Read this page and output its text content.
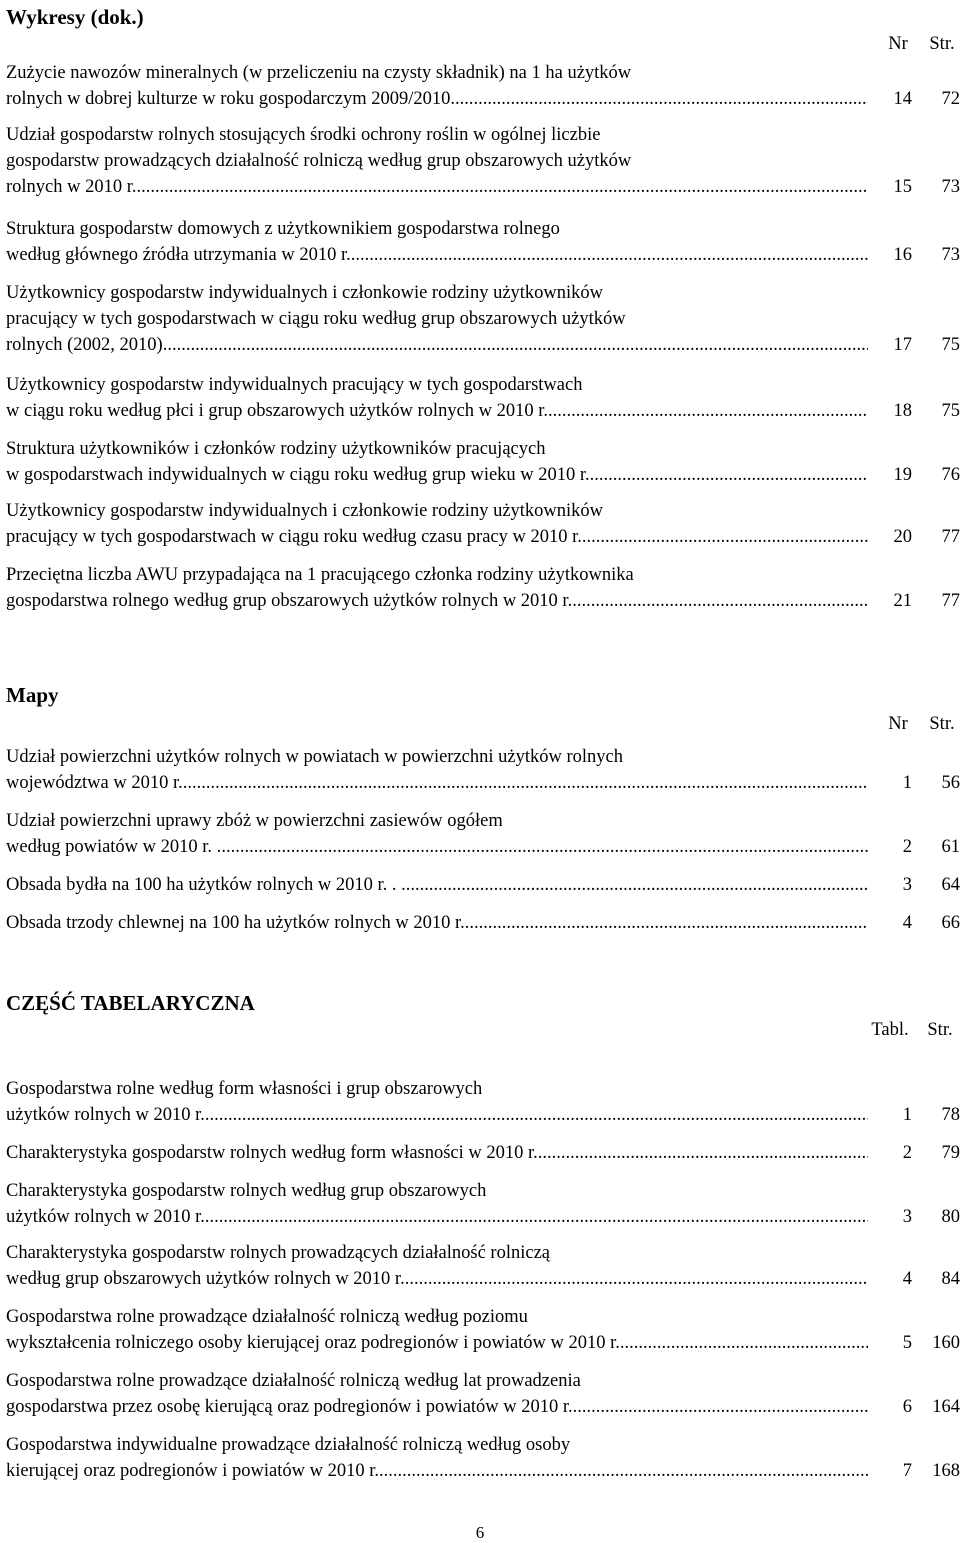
Wykresy (dok.)
Nr Str.
Zużycie nawozów mineralnych (w przeliczeniu na czysty składnik) na 1 ha użytków
rolnych w dobrej kulturze w roku gospodarczym 2009/2010 .....	14	72
Udział gospodarstw rolnych stosujących środki ochrony roślin w ogólnej liczbie
gospodarstw prowadzących działalność rolniczą według grup obszarowych użytków
rolnych w 2010 r. .....	15	73
Struktura gospodarstw domowych z użytkownikiem gospodarstwa rolnego
według głównego źródła utrzymania w 2010 r. .....	16	73
Użytkownicy gospodarstw indywidualnych i członkowie rodziny użytkowników
pracujący w tych gospodarstwach w ciągu roku według grup obszarowych użytków
rolnych (2002, 2010) .....	17	75
Użytkownicy gospodarstw indywidualnych pracujący w tych gospodarstwach
w ciągu roku według płci i grup obszarowych użytków rolnych w 2010 r. .....	18	75
Struktura użytkowników i członków rodziny użytkowników pracujących
w gospodarstwach indywidualnych w ciągu roku według grup wieku w 2010 r. .....	19	76
Użytkownicy gospodarstw indywidualnych i członkowie rodziny użytkowników
pracujący w tych gospodarstwach w ciągu roku według czasu pracy w 2010 r. .....	20	77
Przeciętna liczba AWU przypadająca na 1 pracującego członka rodziny użytkownika
gospodarstwa rolnego według grup obszarowych użytków rolnych w 2010 r. .....	21	77
Mapy
Nr Str.
Udział powierzchni użytków rolnych w powiatach w powierzchni użytków rolnych
województwa w 2010 r. .....	1	56
Udział powierzchni uprawy zbóż w powierzchni zasiewów ogółem
według powiatów w 2010 r. . .....	2	61
Obsada bydła na 100 ha użytków rolnych w 2010 r. . . .....	3	64
Obsada trzody chlewnej na 100 ha użytków rolnych w 2010 r. .....	4	66
CZĘŚĆ TABELARYCZNA
Tabl. Str.
Gospodarstwa rolne według form własności i grup obszarowych
użytków rolnych w 2010 r. .....	1	78
Charakterystyka gospodarstw rolnych według form własności w 2010 r. .....	2	79
Charakterystyka gospodarstw rolnych według grup obszarowych
użytków rolnych w 2010 r. .....	3	80
Charakterystyka gospodarstw rolnych prowadzących działalność rolniczą
według grup obszarowych użytków rolnych w 2010 r. .....	4	84
Gospodarstwa rolne prowadzące działalność rolniczą według poziomu
wykształcenia rolniczego osoby kierującej oraz podregionów i powiatów w 2010 r. .....	5	160
Gospodarstwa rolne prowadzące działalność rolniczą według lat prowadzenia
gospodarstwa przez osobę kierującą oraz podregionów i powiatów w 2010 r. .....	6	164
Gospodarstwa indywidualne prowadzące działalność rolniczą według osoby
kierującej oraz podregionów i powiatów w 2010 r. .....	7	168
6
